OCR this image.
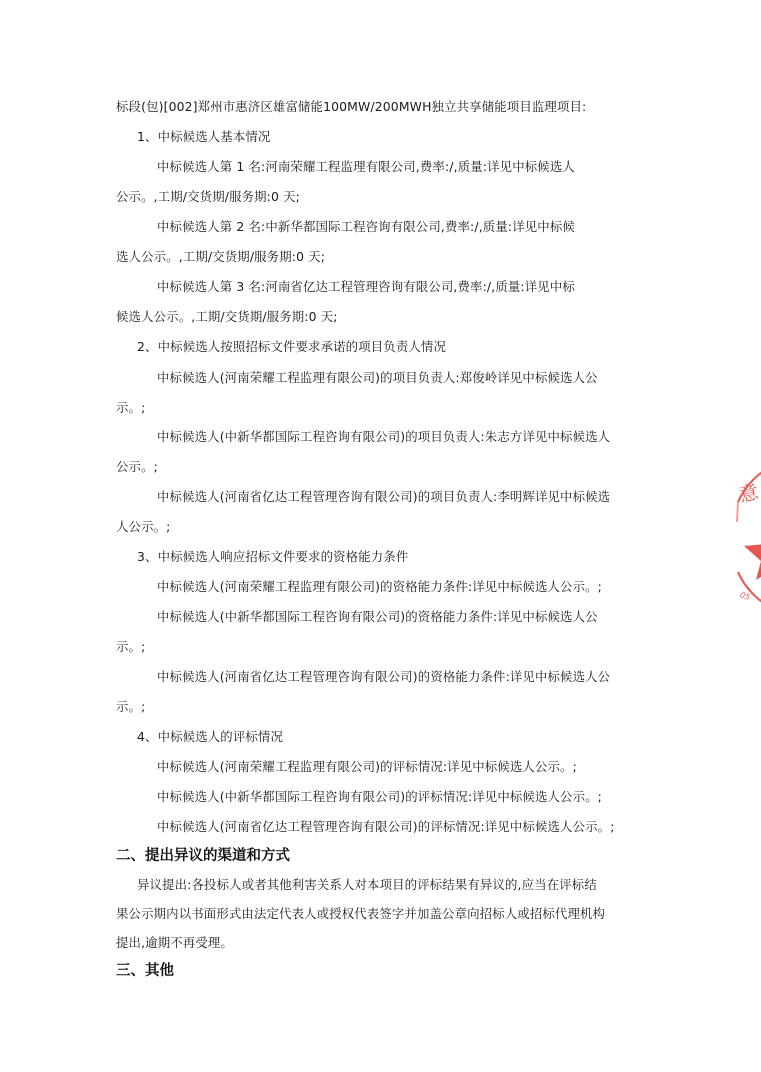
标段(包)[002]郑州市惠济区雄富储能100MW/200MWH独立共享储能项目监理项目:
1、中标候选人基本情况
中标候选人第 1 名:河南荣耀工程监理有限公司,费率:/,质量:详见中标候选人
公示。,工期/交货期/服务期:0 天;
中标候选人第 2 名:中新华都国际工程咨询有限公司,费率:/,质量:详见中标候
选人公示。,工期/交货期/服务期:0 天;
中标候选人第 3 名:河南省亿达工程管理咨询有限公司,费率:/,质量:详见中标
候选人公示。,工期/交货期/服务期:0 天;
2、中标候选人按照招标文件要求承诺的项目负责人情况
中标候选人(河南荣耀工程监理有限公司)的项目负责人:郑俊岭详见中标候选人公
示。;
中标候选人(中新华都国际工程咨询有限公司)的项目负责人:朱志方详见中标候选人
公示。;
中标候选人(河南省亿达工程管理咨询有限公司)的项目负责人:李明辉详见中标候选
人公示。;
3、中标候选人响应招标文件要求的资格能力条件
中标候选人(河南荣耀工程监理有限公司)的资格能力条件:详见中标候选人公示。;
中标候选人(中新华都国际工程咨询有限公司)的资格能力条件:详见中标候选人公
示。;
中标候选人(河南省亿达工程管理咨询有限公司)的资格能力条件:详见中标候选人公
示。;
4、中标候选人的评标情况
中标候选人(河南荣耀工程监理有限公司)的评标情况:详见中标候选人公示。;
中标候选人(中新华都国际工程咨询有限公司)的评标情况:详见中标候选人公示。;
中标候选人(河南省亿达工程管理咨询有限公司)的评标情况:详见中标候选人公示。;
二、提出异议的渠道和方式
异议提出:各投标人或者其他利害关系人对本项目的评标结果有异议的,应当在评标结
果公示期内以书面形式由法定代表人或授权代表签字并加盖公章向招标人或招标代理机构
提出,逾期不再受理。
三、其他
意
05
